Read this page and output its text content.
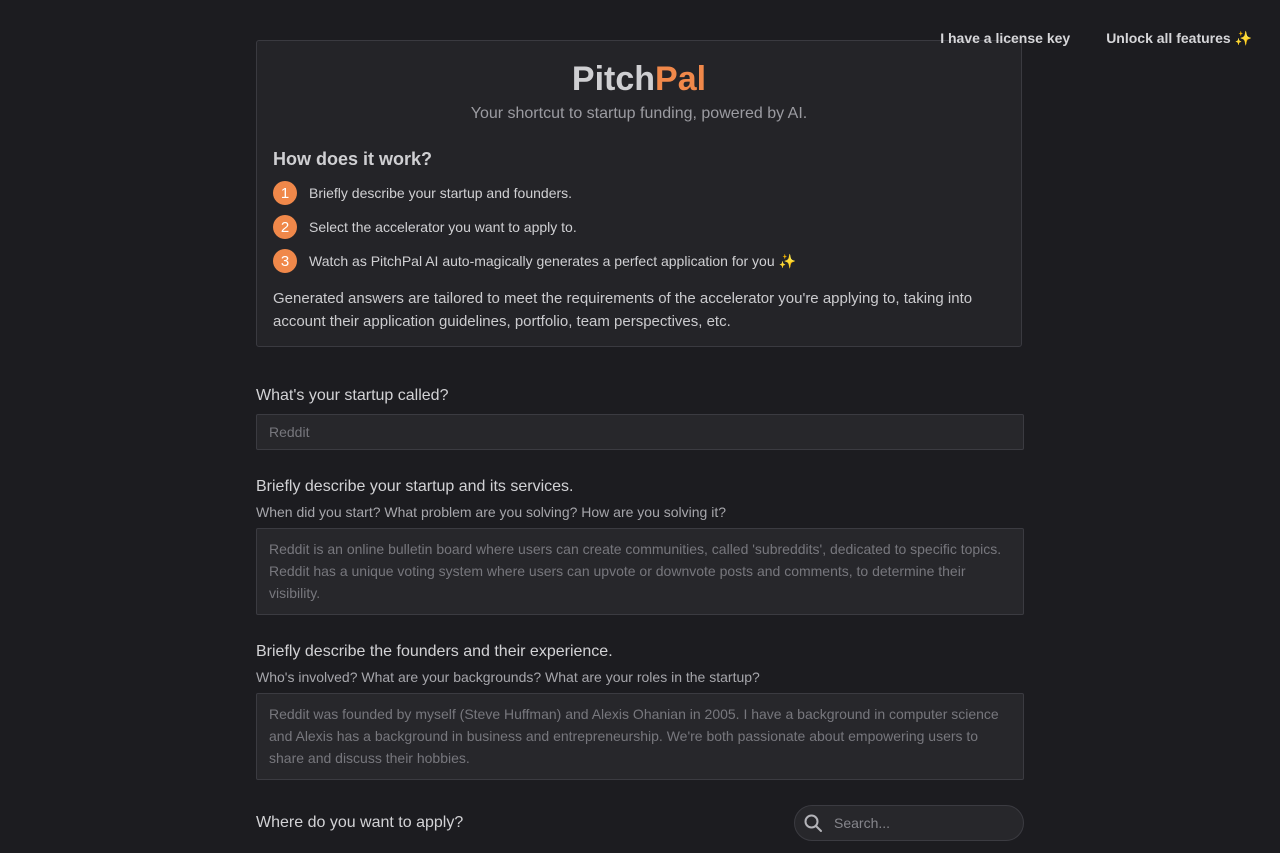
I have a license key	Unlock all features ✨
PitchPal
Your shortcut to startup funding, powered by AI.
How does it work?
1	Briefly describe your startup and founders.
2	Select the accelerator you want to apply to.
3	Watch as PitchPal AI auto-magically generates a perfect application for you ✨
Generated answers are tailored to meet the requirements of the accelerator you're applying to, taking into account their application guidelines, portfolio, team perspectives, etc.
What's your startup called?
Reddit
Briefly describe your startup and its services.
When did you start? What problem are you solving? How are you solving it?
Reddit is an online bulletin board where users can create communities, called 'subreddits', dedicated to specific topics. Reddit has a unique voting system where users can upvote or downvote posts and comments, to determine their visibility.
Briefly describe the founders and their experience.
Who's involved? What are your backgrounds? What are your roles in the startup?
Reddit was founded by myself (Steve Huffman) and Alexis Ohanian in 2005. I have a background in computer science and Alexis has a background in business and entrepreneurship. We're both passionate about empowering users to share and discuss their hobbies.
Where do you want to apply?
Search...
